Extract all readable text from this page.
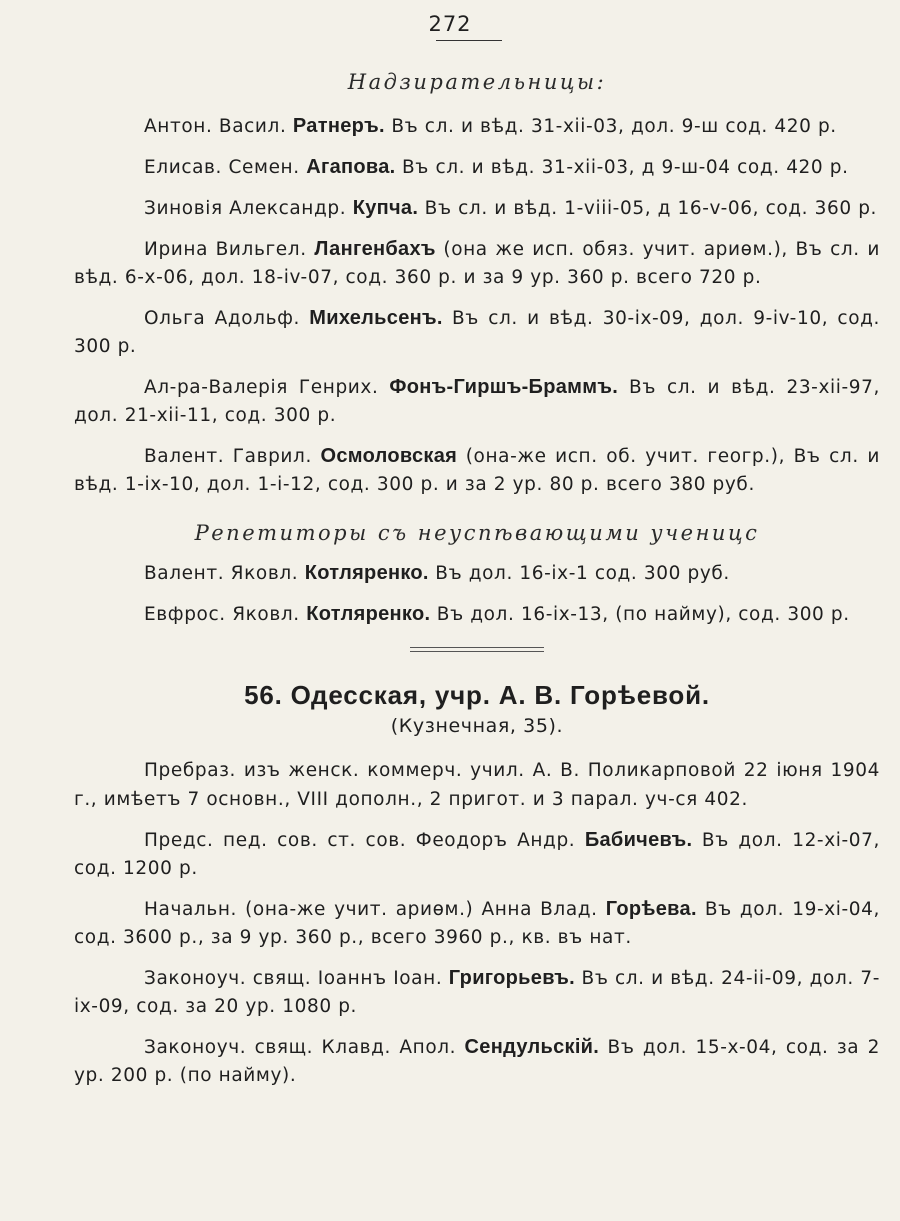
272

Надзирательницы:

Антон. Васил. Ратнеръ. Въ сл. и вѣд. 31-xii-03, дол. 9-ш сод. 420 р.

Елисав. Семен. Агапова. Въ сл. и вѣд. 31-xii-03, д 9-ш-04 сод. 420 р.

Зиновія Александр. Купча. Въ сл. и вѣд. 1-viii-05, д 16-v-06, сод. 360 р.

Ирина Вильгел. Лангенбахъ (она же исп. обяз. учит. ариѳм.), Въ сл. и вѣд. 6-х-06, дол. 18-iv-07, сод. 360 р. и за 9 ур. 360 р. всего 720 р.

Ольга Адольф. Михельсенъ. Въ сл. и вѣд. 30-ix-09, дол. 9-iv-10, сод. 300 р.

Ал-ра-Валерія Генрих. Фонъ-Гиршъ-Браммъ. Въ сл. и вѣд. 23-xii-97, дол. 21-xii-11, сод. 300 р.

Валент. Гаврил. Осмоловская (она-же исп. об. учит. геогр.), Въ сл. и вѣд. 1-ix-10, дол. 1-i-12, сод. 300 р. и за 2 ур. 80 р. всего 380 руб.

Репетиторы съ неуспѣвающими ученицс

Валент. Яковл. Котляренко. Въ дол. 16-ix-1 сод. 300 руб.

Евфрос. Яковл. Котляренко. Въ дол. 16-ix-13, (по найму), сод. 300 р.

56. Одесская, учр. А. В. Горѣевой.

(Кузнечная, 35).

Пребраз. изъ женск. коммерч. учил. А. В. Поликарповой 22 іюня 1904 г., имѣетъ 7 основн., VIII дополн., 2 пригот. и 3 парал. уч-ся 402.

Предс. пед. сов. ст. сов. Феодоръ Андр. Бабичевъ. Въ дол. 12-xi-07, сод. 1200 р.

Начальн. (она-же учит. ариѳм.) Анна Влад. Горѣева. Въ дол. 19-xi-04, сод. 3600 р., за 9 ур. 360 р., всего 3960 р., кв. въ нат.

Законоуч. свящ. Іоаннъ Іоан. Григорьевъ. Въ сл. и вѣд. 24-ii-09, дол. 7-ix-09, сод. за 20 ур. 1080 р.

Законоуч. свящ. Клавд. Апол. Сендульскій. Въ дол. 15-х-04, сод. за 2 ур. 200 р. (по найму).
